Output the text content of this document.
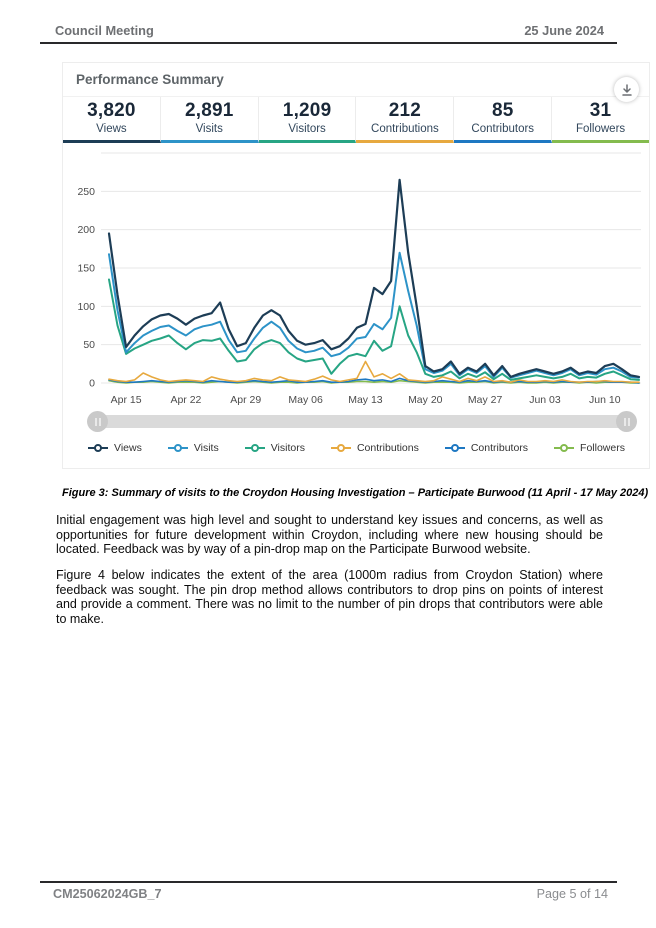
Council Meeting	25 June 2024
Performance Summary
3,820
Views
2,891
Visits
1,209
Visitors
212
Contributions
85
Contributors
31
Followers
0
50
100
150
200
250
Apr 15	Apr 22	Apr 29	May 06 May 13 May 20 May 27	Jun 03	Jun 10
Views	Visits	Visitors	Contributions	Contributors	Followers
Figure 3: Summary of visits to the Croydon Housing Investigation – Participate Burwood (11 April - 17 May 2024)
Initial engagement was high level and sought to understand key issues and concerns, as well as opportunities for future development within Croydon, including where new housing should be located. Feedback was by way of a pin-drop map on the Participate Burwood website.
Figure 4 below indicates the extent of the area (1000m radius from Croydon Station) where feedback was sought. The pin drop method allows contributors to drop pins on points of interest and provide a comment. There was no limit to the number of pin drops that contributors were able to make.
CM25062024GB_7	Page 5 of 14
